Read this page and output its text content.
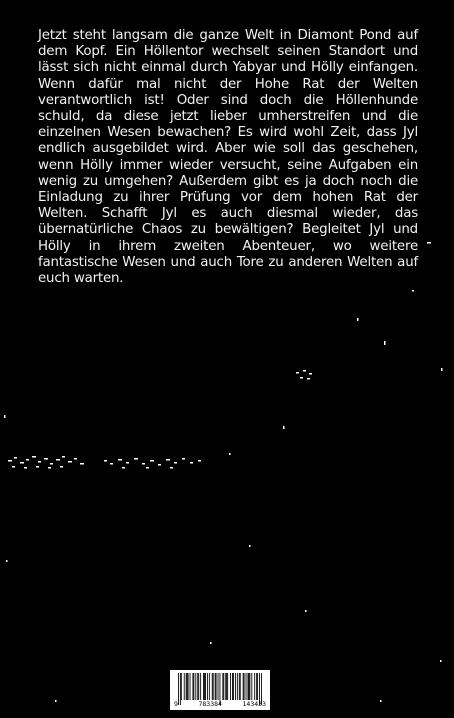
Jetzt steht langsam die ganze Welt in Diamont Pond auf dem Kopf. Ein Höllentor wechselt seinen Standort und lässt sich nicht einmal durch Yabyar und Hölly einfangen. Wenn dafür mal nicht der Hohe Rat der Welten verantwortlich ist! Oder sind doch die Höllenhunde schuld, da diese jetzt lieber umherstreifen und die einzelnen Wesen bewachen? Es wird wohl Zeit, dass Jyl endlich ausgebildet wird. Aber wie soll das geschehen, wenn Hölly immer wieder versucht, seine Aufgaben ein wenig zu umgehen? Außerdem gibt es ja doch noch die Einladung zu ihrer Prüfung vor dem hohen Rat der Welten. Schafft Jyl es auch diesmal wieder, das übernatürliche Chaos zu bewältigen? Begleitet Jyl und Hölly in ihrem zweiten Abenteuer, wo weitere fantastische Wesen und auch Tore zu anderen Welten auf euch warten.

9	783384	143433
